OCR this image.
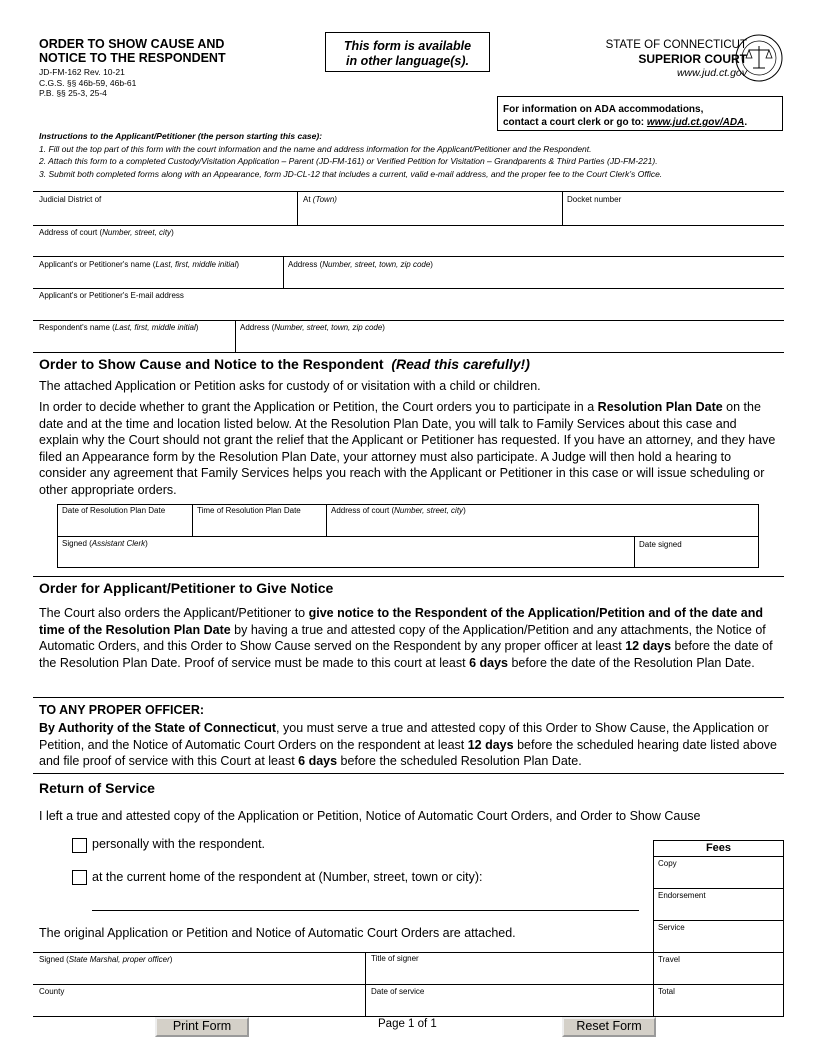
ORDER TO SHOW CAUSE AND
NOTICE TO THE RESPONDENT
JD-FM-162 Rev. 10-21
C.G.S. §§ 46b-59, 46b-61
P.B. §§ 25-3, 25-4
This form is available
in other language(s).
STATE OF CONNECTICUT
SUPERIOR COURT
www.jud.ct.gov
For information on ADA accommodations,
contact a court clerk or go to: www.jud.ct.gov/ADA.
Instructions to the Applicant/Petitioner (the person starting this case):
1. Fill out the top part of this form with the court information and the name and address information for the Applicant/Petitioner and the Respondent.
2. Attach this form to a completed Custody/Visitation Application – Parent (JD-FM-161) or Verified Petition for Visitation – Grandparents & Third Parties (JD-FM-221).
3. Submit both completed forms along with an Appearance, form JD-CL-12 that includes a current, valid e-mail address, and the proper fee to the Court Clerk’s Office.
Judicial District of	At (Town)	Docket number
Address of court (Number, street, city)
Applicant's or Petitioner's name (Last, first, middle initial)	Address (Number, street, town, zip code)
Applicant's or Petitioner's E-mail address
Respondent's name (Last, first, middle initial)	Address (Number, street, town, zip code)
Order to Show Cause and Notice to the Respondent (Read this carefully!)
The attached Application or Petition asks for custody of or visitation with a child or children.
In order to decide whether to grant the Application or Petition, the Court orders you to participate in a Resolution Plan Date on the date and at the time and location listed below. At the Resolution Plan Date, you will talk to Family Services about this case and explain why the Court should not grant the relief that the Applicant or Petitioner has requested. If you have an attorney, and they have filed an Appearance form by the Resolution Plan Date, your attorney must also participate. A Judge will then hold a hearing to consider any agreement that Family Services helps you reach with the Applicant or Petitioner in this case or will issue scheduling or other appropriate orders.
Date of Resolution Plan Date	Time of Resolution Plan Date	Address of court (Number, street, city)
Signed (Assistant Clerk)	Date signed
Order for Applicant/Petitioner to Give Notice
The Court also orders the Applicant/Petitioner to give notice to the Respondent of the Application/Petition and of the date and time of the Resolution Plan Date by having a true and attested copy of the Application/Petition and any attachments, the Notice of Automatic Orders, and this Order to Show Cause served on the Respondent by any proper officer at least 12 days before the date of the Resolution Plan Date. Proof of service must be made to this court at least 6 days before the date of the Resolution Plan Date.
TO ANY PROPER OFFICER:
By Authority of the State of Connecticut, you must serve a true and attested copy of this Order to Show Cause, the Application or Petition, and the Notice of Automatic Court Orders on the respondent at least 12 days before the scheduled hearing date listed above and file proof of service with this Court at least 6 days before the scheduled Resolution Plan Date.
Return of Service
I left a true and attested copy of the Application or Petition, Notice of Automatic Court Orders, and Order to Show Cause
personally with the respondent.
at the current home of the respondent at (Number, street, town or city):
The original Application or Petition and Notice of Automatic Court Orders are attached.
Fees
Copy
Endorsement
Service
Travel
Total
Signed (State Marshal, proper officer)	Title of signer
County	Date of service
Print Form	Page 1 of 1	Reset Form
